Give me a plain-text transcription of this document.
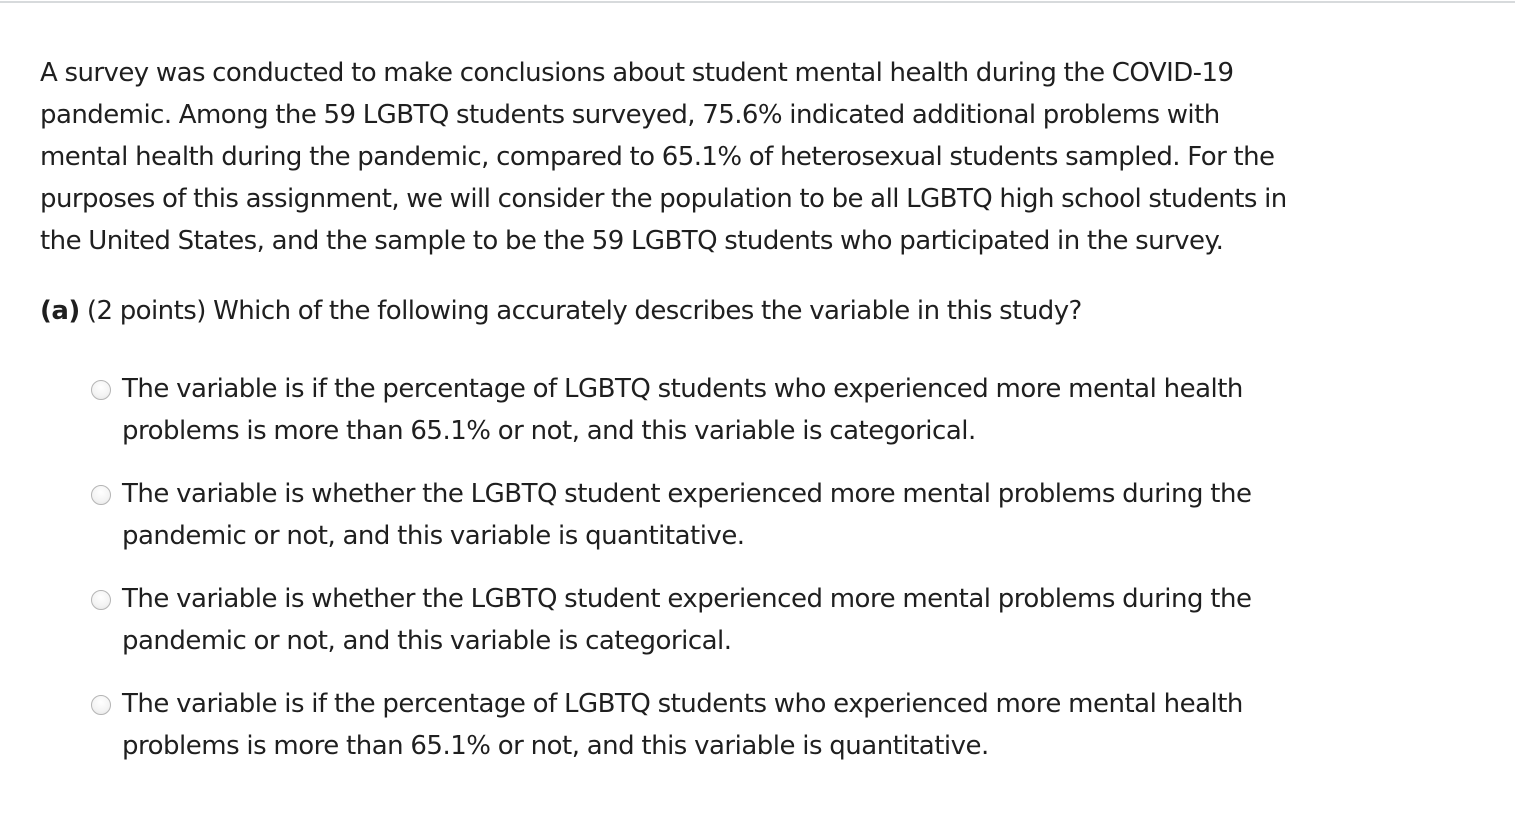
A survey was conducted to make conclusions about student mental health during the COVID-19
pandemic. Among the 59 LGBTQ students surveyed, 75.6% indicated additional problems with
mental health during the pandemic, compared to 65.1% of heterosexual students sampled. For the
purposes of this assignment, we will consider the population to be all LGBTQ high school students in
the United States, and the sample to be the 59 LGBTQ students who participated in the survey.

(a) (2 points) Which of the following accurately describes the variable in this study?

The variable is if the percentage of LGBTQ students who experienced more mental health
problems is more than 65.1% or not, and this variable is categorical.
The variable is whether the LGBTQ student experienced more mental problems during the
pandemic or not, and this variable is quantitative.
The variable is whether the LGBTQ student experienced more mental problems during the
pandemic or not, and this variable is categorical.
The variable is if the percentage of LGBTQ students who experienced more mental health
problems is more than 65.1% or not, and this variable is quantitative.
